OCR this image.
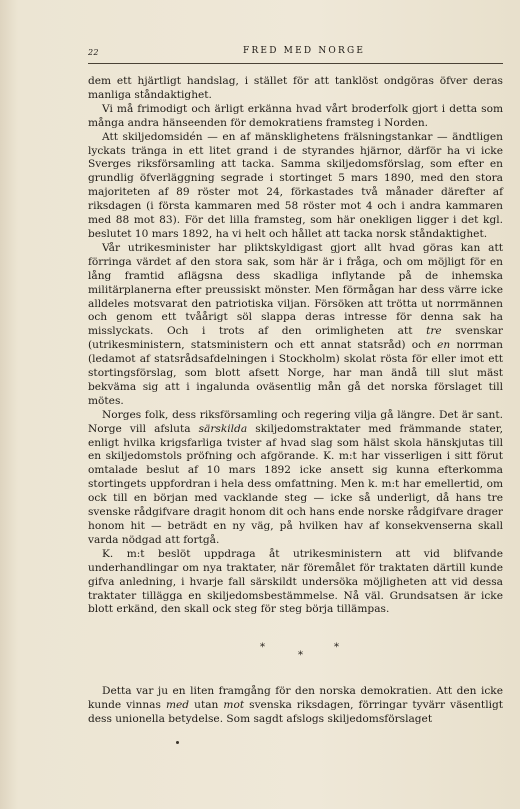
22	FRED MED NORGE

dem ett hjärtligt handslag, i stället för att tanklöst ondgöras öfver deras manliga ståndaktighet.

Vi må frimodigt och ärligt erkänna hvad vårt broderfolk gjort i detta som många andra hänseenden för demokratiens framsteg i Norden.

Att skiljedomsidén — en af mänsklighetens frälsningstankar — ändtligen lyckats tränga in ett litet grand i de styrandes hjärnor, därför ha vi icke Sverges riksförsamling att tacka. Samma skiljedomsförslag, som efter en grundlig öfverläggning segrade i stortinget 5 mars 1890, med den stora majoriteten af 89 röster mot 24, förkastades två månader därefter af riksdagen (i första kammaren med 58 röster mot 4 och i andra kammaren med 88 mot 83). För det lilla framsteg, som här onekligen ligger i det kgl. beslutet 10 mars 1892, ha vi helt och hållet att tacka norsk ståndaktighet.

Vår utrikesminister har pliktskyldigast gjort allt hvad göras kan att förringa värdet af den stora sak, som här är i fråga, och om möjligt för en lång framtid aflägsna dess skadliga inflytande på de inhemska militärplanerna efter preussiskt mönster. Men förmågan har dess värre icke alldeles motsvarat den patriotiska viljan. Försöken att trötta ut norrmännen och genom ett tvåårigt söl slappa deras intresse för denna sak ha misslyckats. Och i trots af den orimligheten att tre svenskar (utrikesministern, statsministern och ett annat statsråd) och en norrman (ledamot af statsrådsafdelningen i Stockholm) skolat rösta för eller imot ett stortingsförslag, som blott afsett Norge, har man ändå till slut mäst bekväma sig att i ingalunda oväsentlig mån gå det norska förslaget till mötes.

Norges folk, dess riksförsamling och regering vilja gå längre. Det är sant. Norge vill afsluta särskilda skiljedomstraktater med främmande stater, enligt hvilka krigsfarliga tvister af hvad slag som hälst skola hänskjutas till en skiljedomstols pröfning och afgörande. K. m:t har visserligen i sitt förut omtalade beslut af 10 mars 1892 icke ansett sig kunna efterkomma stortingets uppfordran i hela dess omfattning. Men k. m:t har emellertid, om ock till en början med vacklande steg — icke så underligt, då hans tre svenske rådgifvare dragit honom dit och hans ende norske rådgifvare drager honom hit — beträdt en ny väg, på hvilken hav af konsekvenserna skall varda nödgad att fortgå.

K. m:t beslöt uppdraga åt utrikesministern att vid blifvande underhandlingar om nya traktater, när föremålet för traktaten därtill kunde gifva anledning, i hvarje fall särskildt undersöka möjligheten att vid dessa traktater tillägga en skiljedomsbestämmelse. Nå väl. Grundsatsen är icke blott erkänd, den skall ock steg för steg börja tillämpas.

*
*
*

Detta var ju en liten framgång för den norska demokratien. Att den icke kunde vinnas med utan mot svenska riksdagen, förringar tyvärr väsentligt dess unionella betydelse. Som sagdt afslogs skiljedomsförslaget
